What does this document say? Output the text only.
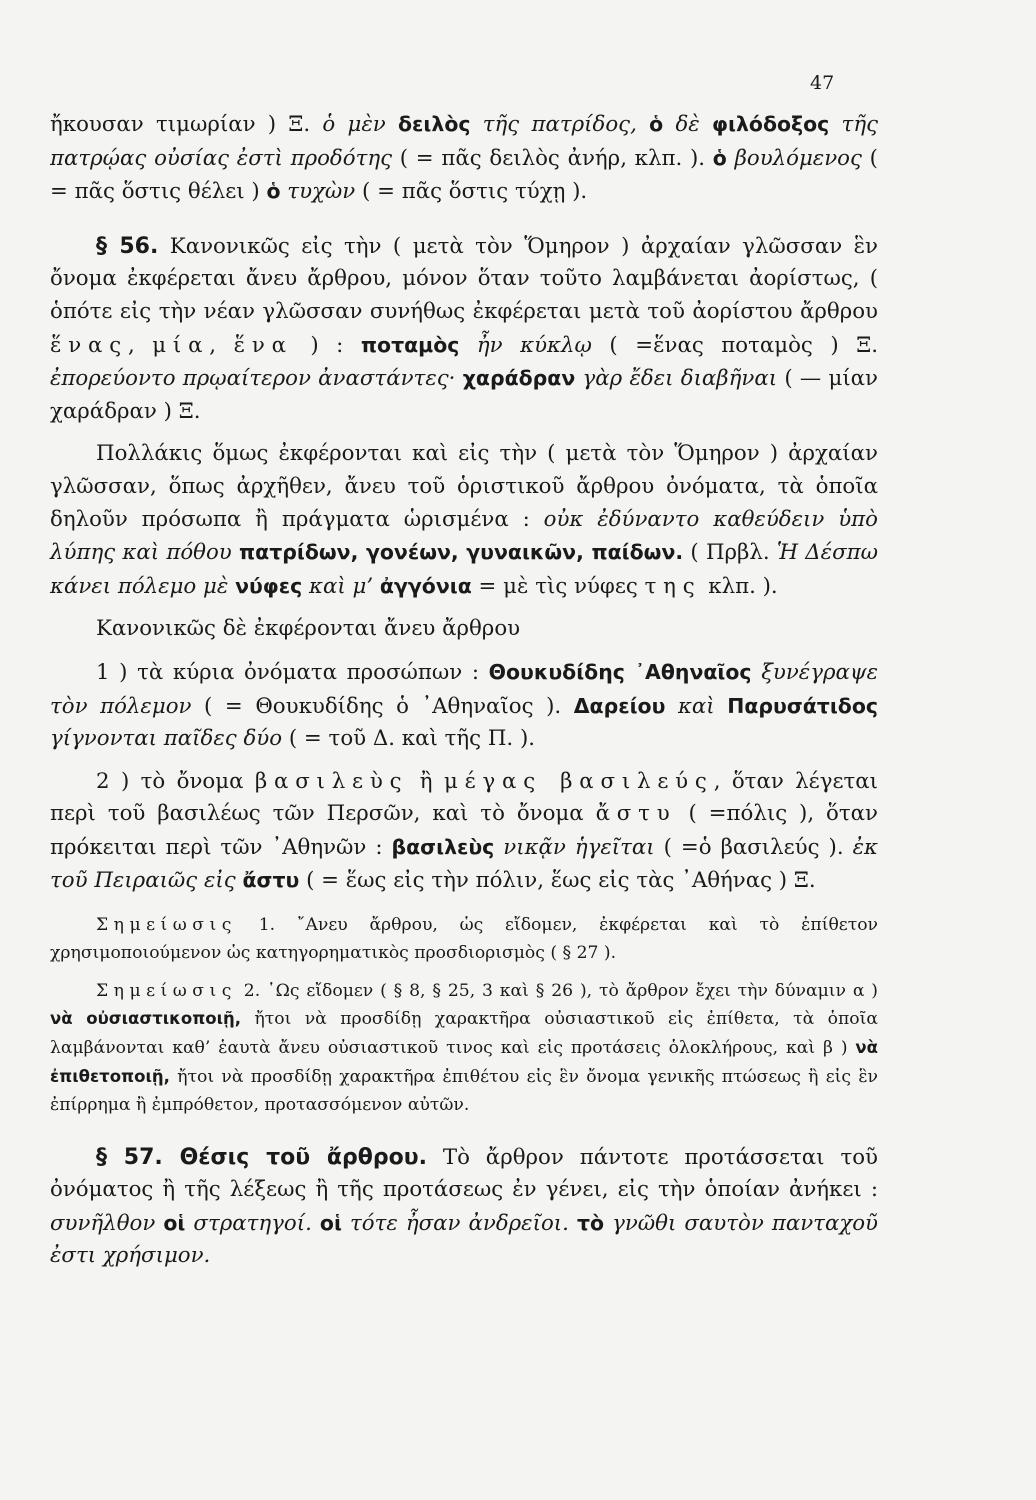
47

ἤκουσαν τιμωρίαν ) Ξ. ὁ μὲν δειλὸς τῆς πατρίδος, ὁ δὲ φιλόδοξος τῆς πατρῴας οὐσίας ἐστὶ προδότης ( = πᾶς δειλὸς ἀνήρ, κλπ. ). ὁ βουλόμενος ( = πᾶς ὅστις θέλει ) ὁ τυχὼν ( = πᾶς ὅστις τύχῃ ).

§ 56. Κανονικῶς εἰς τὴν ( μετὰ τὸν Ὅμηρον ) ἀρχαίαν γλῶσσαν ἓν ὄνομα ἐκφέρεται ἄνευ ἄρθρου, μόνον ὅταν τοῦτο λαμβάνεται ἀορίστως, ( ὁπότε εἰς τὴν νέαν γλῶσσαν συνήθως ἐκφέρεται μετὰ τοῦ ἀορίστου ἄρθρου ἕνας, μία, ἕνα ) : ποταμὸς ἦν κύκλῳ ( =ἕνας ποταμὸς ) Ξ. ἐπορεύοντο πρῳαίτερον ἀναστάντες· χαράδραν γὰρ ἔδει διαβῆναι ( — μίαν χαράδραν ) Ξ.

Πολλάκις ὅμως ἐκφέρονται καὶ εἰς τὴν ( μετὰ τὸν Ὅμηρον ) ἀρχαίαν γλῶσσαν, ὅπως ἀρχῆθεν, ἄνευ τοῦ ὁριστικοῦ ἄρθρου ὀνόματα, τὰ ὁποῖα δηλοῦν πρόσωπα ἢ πράγματα ὡρισμένα : οὐκ ἐδύναντο καθεύδειν ὑπὸ λύπης καὶ πόθου πατρίδων, γονέων, γυναικῶν, παίδων. ( Πρβλ. Ἡ Δέσπω κάνει πόλεμο μὲ νύφες καὶ μ’ ἀγγόνια = μὲ τὶς νύφες της κλπ. ).

Κανονικῶς δὲ ἐκφέρονται ἄνευ ἄρθρου

1 ) τὰ κύρια ὀνόματα προσώπων : Θουκυδίδης ᾿Αθηναῖος ξυνέγραψε τὸν πόλεμον ( = Θουκυδίδης ὁ ᾿Αθηναῖος ). Δαρείου καὶ Παρυσάτιδος γίγνονται παῖδες δύο ( = τοῦ Δ. καὶ τῆς Π. ).

2 ) τὸ ὄνομα βασιλεὺς ἢ μέγας βασιλεύς, ὅταν λέγεται περὶ τοῦ βασιλέως τῶν Περσῶν, καὶ τὸ ὄνομα ἄστυ ( =πόλις ), ὅταν πρόκειται περὶ τῶν ᾿Αθηνῶν : βασιλεὺς νικᾷν ἡγεῖται ( =ὁ βασιλεύς ). ἐκ τοῦ Πειραιῶς εἰς ἄστυ ( = ἕως εἰς τὴν πόλιν, ἕως εἰς τὰς ᾿Αθήνας ) Ξ.

Σημείωσις 1. ῎Ανευ ἄρθρου, ὡς εἴδομεν, ἐκφέρεται καὶ τὸ ἐπίθετον χρησιμοποιούμενον ὡς κατηγορηματικὸς προσδιορισμὸς ( § 27 ).

Σημείωσις 2. ῾Ως εἴδομεν ( § 8, § 25, 3 καὶ § 26 ), τὸ ἄρθρον ἔχει τὴν δύναμιν α ) νὰ οὐσιαστικοποιῇ, ἤτοι νὰ προσδίδῃ χαρακτῆρα οὐσιαστικοῦ εἰς ἐπίθετα, τὰ ὁποῖα λαμβάνονται καθ’ ἑαυτὰ ἄνευ οὐσιαστικοῦ τινος καὶ εἰς προτάσεις ὁλοκλήρους, καὶ β ) νὰ ἐπιθετοποιῇ, ἤτοι νὰ προσδίδῃ χαρακτῆρα ἐπιθέτου εἰς ἓν ὄνομα γενικῆς πτώσεως ἢ εἰς ἓν ἐπίρρημα ἢ ἐμπρόθετον, προτασσόμενον αὐτῶν.

§ 57. Θέσις τοῦ ἄρθρου. Τὸ ἄρθρον πάντοτε προτάσσεται τοῦ ὀνόματος ἢ τῆς λέξεως ἢ τῆς προτάσεως ἐν γένει, εἰς τὴν ὁποίαν ἀνήκει : συνῆλθον οἱ στρατηγοί. οἱ τότε ἦσαν ἀνδρεῖοι. τὸ γνῶθι σαυτὸν πανταχοῦ ἐστι χρήσιμον.
